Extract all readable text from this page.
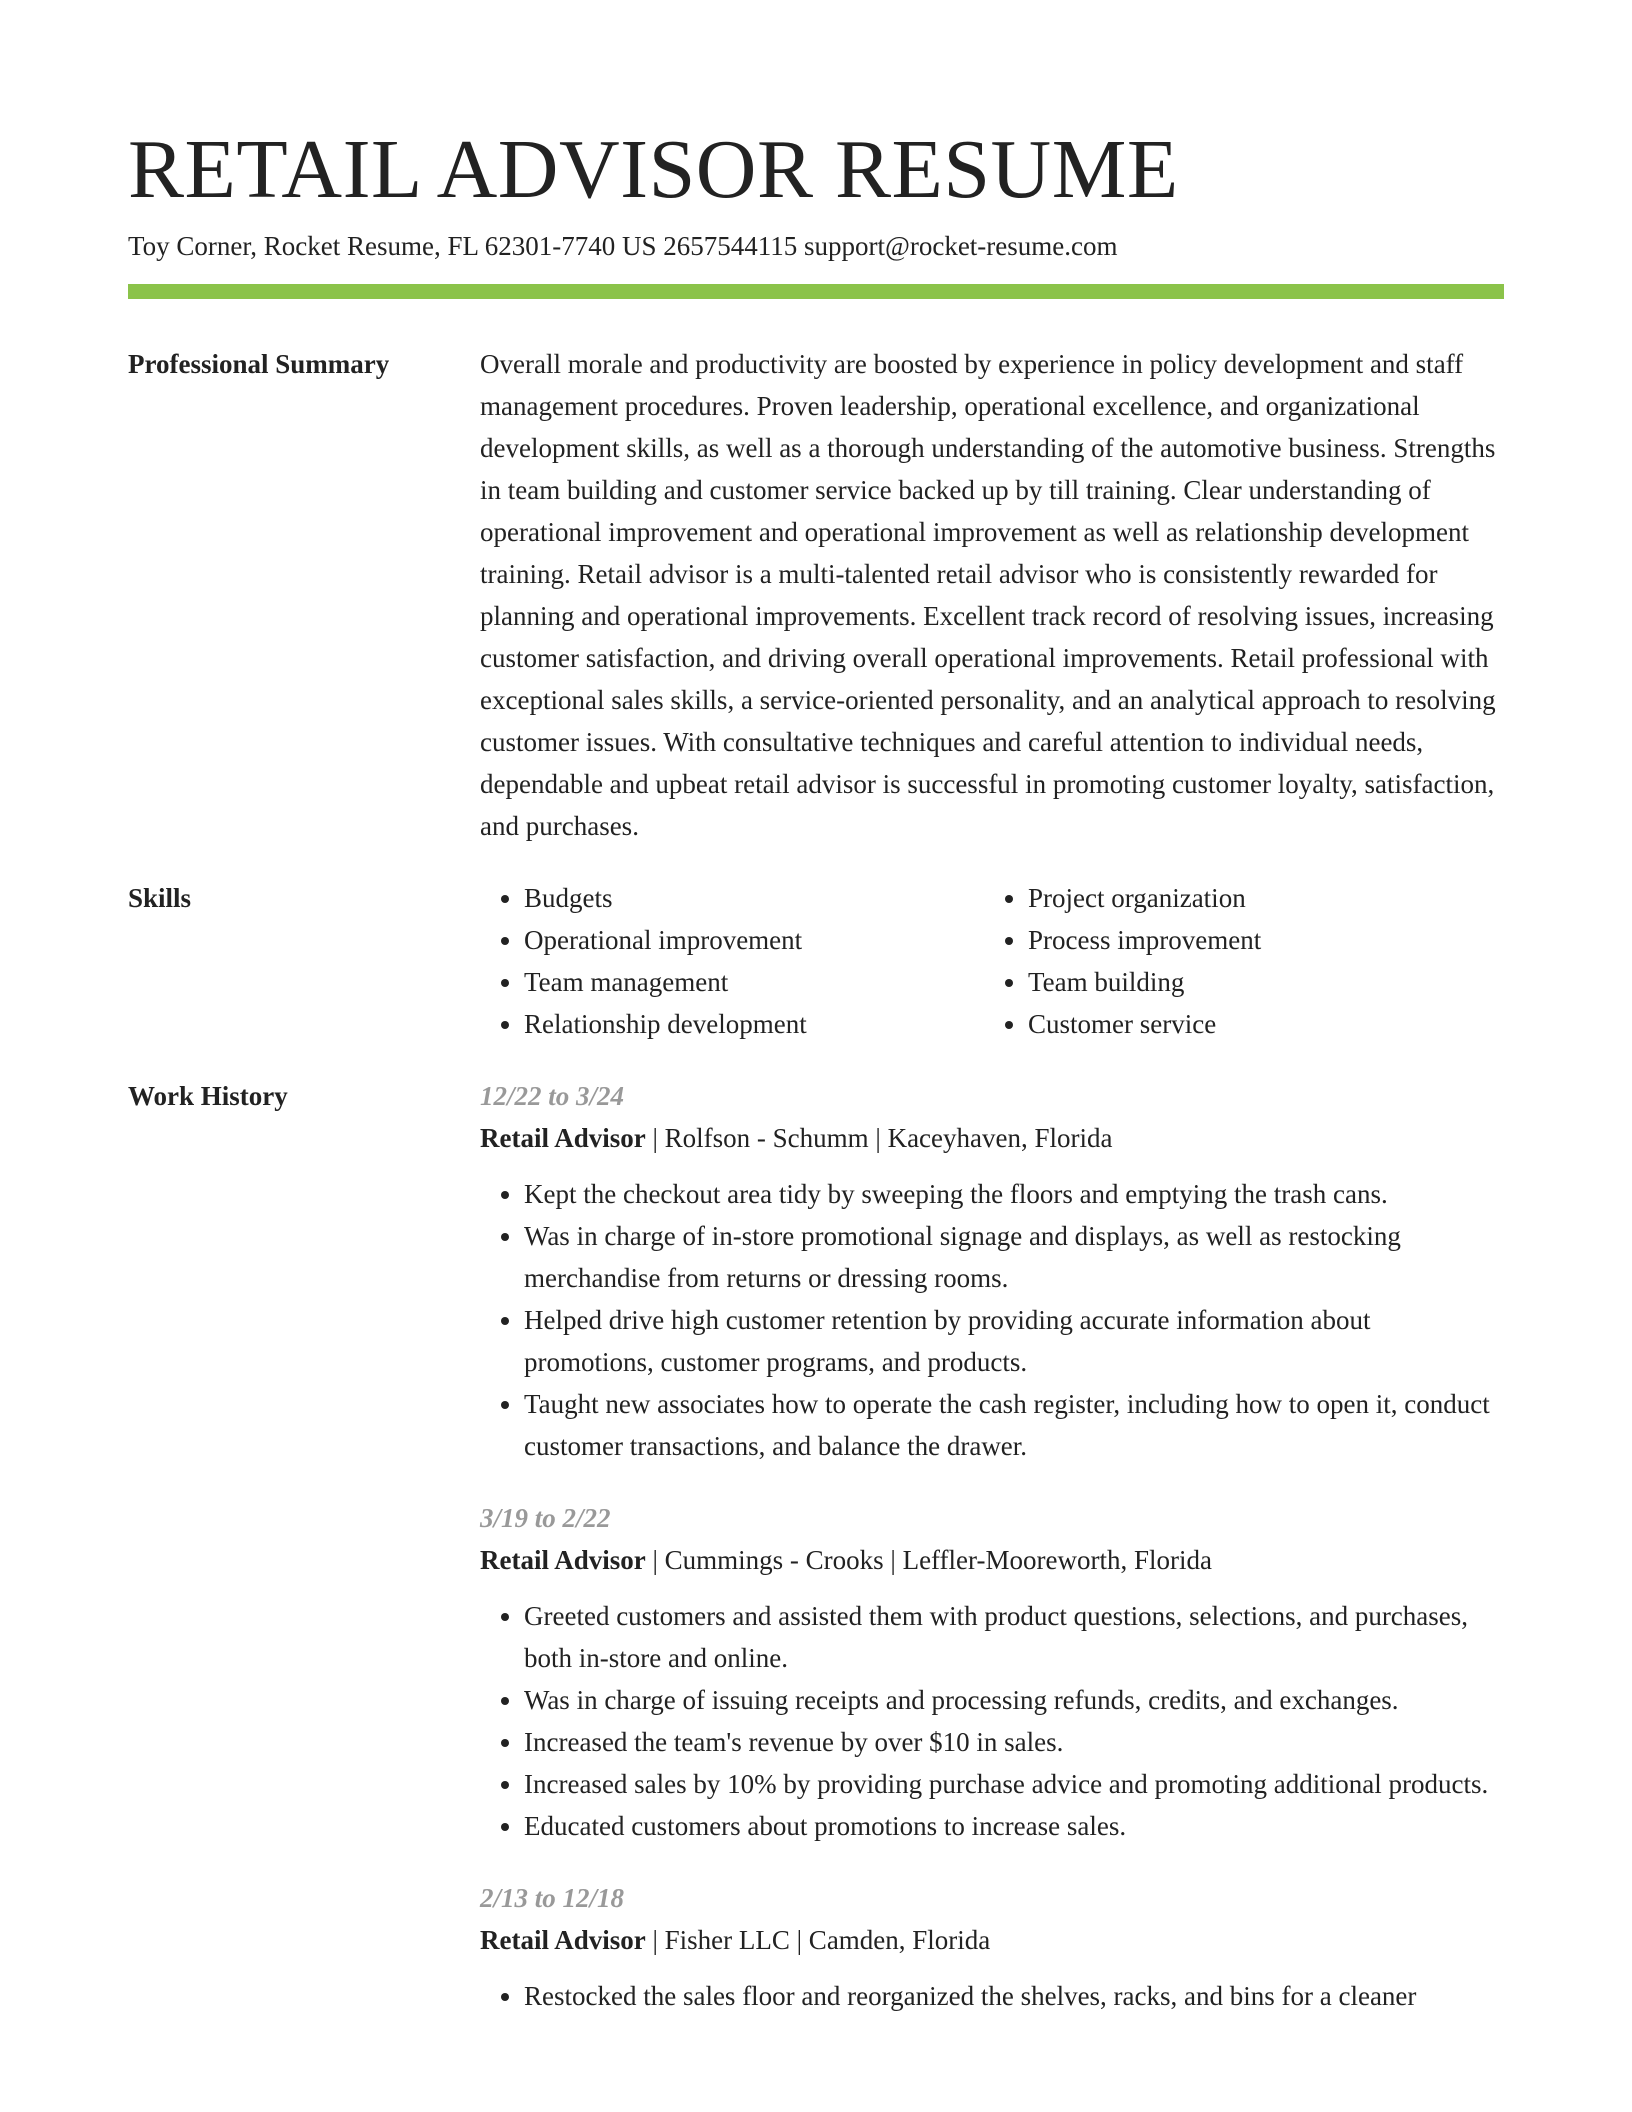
RETAIL ADVISOR RESUME
Toy Corner, Rocket Resume, FL 62301-7740 US 2657544115 support@rocket-resume.com
Professional Summary	Overall morale and productivity are boosted by experience in policy development and staff management procedures. Proven leadership, operational excellence, and organizational development skills, as well as a thorough understanding of the automotive business. Strengths in team building and customer service backed up by till training. Clear understanding of operational improvement and operational improvement as well as relationship development training. Retail advisor is a multi-talented retail advisor who is consistently rewarded for planning and operational improvements. Excellent track record of resolving issues, increasing customer satisfaction, and driving overall operational improvements. Retail professional with exceptional sales skills, a service-oriented personality, and an analytical approach to resolving customer issues. With consultative techniques and careful attention to individual needs, dependable and upbeat retail advisor is successful in promoting customer loyalty, satisfaction, and purchases.

Skills
•	Budgets
• Operational improvement
• Team management
• Relationship development
• Project organization
• Process improvement
• Team building
• Customer service
Work History	12/22 to 3/24
Retail Advisor | Rolfson - Schumm | Kaceyhaven, Florida
• Kept the checkout area tidy by sweeping the floors and emptying the trash cans.
• Was in charge of in-store promotional signage and displays, as well as restocking merchandise from returns or dressing rooms.
• Helped drive high customer retention by providing accurate information about promotions, customer programs, and products.
• Taught new associates how to operate the cash register, including how to open it, conduct customer transactions, and balance the drawer.
3/19 to 2/22
Retail Advisor | Cummings - Crooks | Leffler-Mooreworth, Florida
• Greeted customers and assisted them with product questions, selections, and purchases, both in-store and online.
• Was in charge of issuing receipts and processing refunds, credits, and exchanges.
• Increased the team's revenue by over $10 in sales.
• Increased sales by 10% by providing purchase advice and promoting additional products.
• Educated customers about promotions to increase sales.
2/13 to 12/18
Retail Advisor | Fisher LLC | Camden, Florida
• Restocked the sales floor and reorganized the shelves, racks, and bins for a cleaner
